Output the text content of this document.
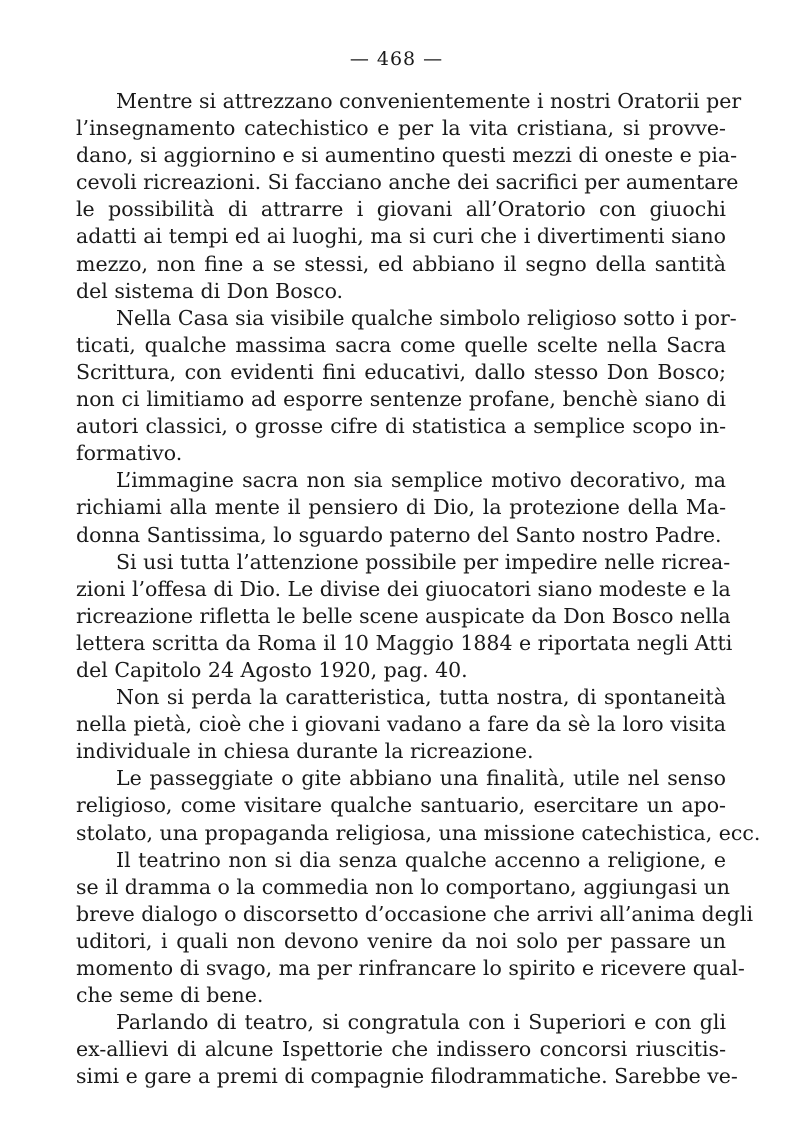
— 468 —
Mentre si attrezzano convenientemente i nostri Oratorii per
l’insegnamento catechistico e per la vita cristiana, si provve-
dano, si aggiornino e si aumentino questi mezzi di oneste e pia-
cevoli ricreazioni. Si facciano anche dei sacrifici per aumentare
le possibilità di attrarre i giovani all’Oratorio con giuochi
adatti ai tempi ed ai luoghi, ma si curi che i divertimenti siano
mezzo, non fine a se stessi, ed abbiano il segno della santità
del sistema di Don Bosco.
Nella Casa sia visibile qualche simbolo religioso sotto i por-
ticati, qualche massima sacra come quelle scelte nella Sacra
Scrittura, con evidenti fini educativi, dallo stesso Don Bosco;
non ci limitiamo ad esporre sentenze profane, benchè siano di
autori classici, o grosse cifre di statistica a semplice scopo in-
formativo.
L’immagine sacra non sia semplice motivo decorativo, ma
richiami alla mente il pensiero di Dio, la protezione della Ma-
donna Santissima, lo sguardo paterno del Santo nostro Padre.
Si usi tutta l’attenzione possibile per impedire nelle ricrea-
zioni l’offesa di Dio. Le divise dei giuocatori siano modeste e la
ricreazione rifletta le belle scene auspicate da Don Bosco nella
lettera scritta da Roma il 10 Maggio 1884 e riportata negli Atti
del Capitolo 24 Agosto 1920, pag. 40.
Non si perda la caratteristica, tutta nostra, di spontaneità
nella pietà, cioè che i giovani vadano a fare da sè la loro visita
individuale in chiesa durante la ricreazione.
Le passeggiate o gite abbiano una finalità, utile nel senso
religioso, come visitare qualche santuario, esercitare un apo-
stolato, una propaganda religiosa, una missione catechistica, ecc.
Il teatrino non si dia senza qualche accenno a religione, e
se il dramma o la commedia non lo comportano, aggiungasi un
breve dialogo o discorsetto d’occasione che arrivi all’anima degli
uditori, i quali non devono venire da noi solo per passare un
momento di svago, ma per rinfrancare lo spirito e ricevere qual-
che seme di bene.
Parlando di teatro, si congratula con i Superiori e con gli
ex-allievi di alcune Ispettorie che indissero concorsi riuscitis-
simi e gare a premi di compagnie filodrammatiche. Sarebbe ve-
